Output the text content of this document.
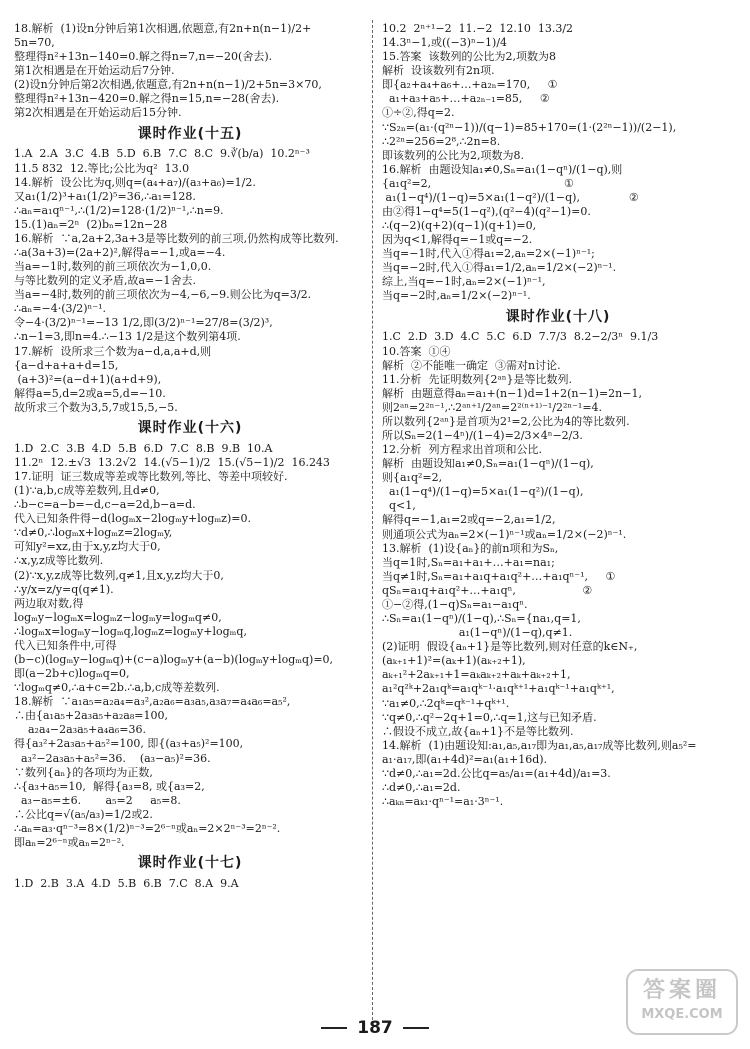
18.解析  (1)设n分钟后第1次相遇,依题意,有2n+n(n−1)/2+
5n=70,
整理得n²+13n−140=0.解之得n=7,n=−20(舍去).
第1次相遇是在开始运动后7分钟.
(2)设n分钟后第2次相遇,依题意,有2n+n(n−1)/2+5n=3×70,
整理得n²+13n−420=0.解之得n=15,n=−28(舍去).
第2次相遇是在开始运动后15分钟.
课时作业(十五)
1.A  2.A  3.C  4.B  5.D  6.B  7.C  8.C  9.∛(b/a)  10.2ⁿ⁻³
11.5 832  12.等比;公比为q²  13.0
14.解析  设公比为q,则q=(a₄+a₇)/(a₃+a₆)=1/2.
又a₁(1/2)³+a₁(1/2)⁵=36,∴a₁=128.
∴aₙ=a₁qⁿ⁻¹,∴(1/2)=128·(1/2)ⁿ⁻¹,∴n=9.
15.(1)aₙ=2ⁿ  (2)bₙ=12n−28
16.解析  ∵a,2a+2,3a+3是等比数列的前三项,仍然构成等比数列.
∴a(3a+3)=(2a+2)²,解得a=−1,或a=−4.
当a=−1时,数列的前三项依次为−1,0,0.
与等比数列的定义矛盾,故a=−1舍去.
当a=−4时,数列的前三项依次为−4,−6,−9.则公比为q=3/2.
∴aₙ=−4·(3/2)ⁿ⁻¹.
令−4·(3/2)ⁿ⁻¹=−13 1/2,即(3/2)ⁿ⁻¹=27/8=(3/2)³,
∴n−1=3,即n=4.∴−13 1/2是这个数列第4项.
17.解析  设所求三个数为a−d,a,a+d,则
{a−d+a+a+d=15,
(a+3)²=(a−d+1)(a+d+9),
解得a=5,d=2或a=5,d=−10.
故所求三个数为3,5,7或15,5,−5.
课时作业(十六)
1.D  2.C  3.B  4.D  5.B  6.D  7.C  8.B  9.B  10.A
11.2ⁿ  12.±√3  13.2√2  14.(√5−1)/2  15.(√5−1)/2  16.243
17.证明  证三数成等差或等比数列,等比、等差中项较好.
(1)∵a,b,c成等差数列,且d≠0,
∴b−c=a−b=−d,c−a=2d,b−a=d.
代入已知条件得−d(logₘx−2logₘy+logₘz)=0.
∵d≠0,∴logₘx+logₘz=2logₘy,
可知y²=xz,由于x,y,z均大于0,
∴x,y,z成等比数列.
(2)∵x,y,z成等比数列,q≠1,且x,y,z均大于0,
∴y/x=z/y=q(q≠1).
两边取对数,得
logₘy−logₘx=logₘz−logₘy=logₘq≠0,
∴logₘx=logₘy−logₘq,logₘz=logₘy+logₘq,
代入已知条件中,可得
(b−c)(logₘy−logₘq)+(c−a)logₘy+(a−b)(logₘy+logₘq)=0,
即(a−2b+c)logₘq=0,
∵logₘq≠0,∴a+c=2b.∴a,b,c成等差数列.
18.解析  ∵a₁a₅=a₂a₄=a₃²,a₂a₆=a₃a₅,a₃a₇=a₄a₆=a₅²,
∴由{a₁a₅+2a₃a₅+a₂a₈=100,
a₂a₄−2a₃a₅+a₄a₆=36.
得{a₃²+2a₃a₅+a₅²=100, 即{(a₃+a₅)²=100,
a₃²−2a₃a₅+a₅²=36.    (a₃−a₅)²=36.
∵数列{aₙ}的各项均为正数,
∴{a₃+a₅=10,  解得{a₃=8, 或{a₃=2,
a₃−a₅=±6.       a₅=2     a₅=8.
∴公比q=√(a₅/a₃)=1/2或2.
∴aₙ=a₃·qⁿ⁻³=8×(1/2)ⁿ⁻³=2⁶⁻ⁿ或aₙ=2×2ⁿ⁻³=2ⁿ⁻².
即aₙ=2⁶⁻ⁿ或aₙ=2ⁿ⁻².
课时作业(十七)
1.D  2.B  3.A  4.D  5.B  6.B  7.C  8.A  9.A
10.2  2ⁿ⁺¹−2  11.−2  12.10  13.3/2
14.3ⁿ−1,或((−3)ⁿ−1)/4
15.答案  该数列的公比为2,项数为8
解析  设该数列有2n项.
即{a₂+a₄+a₆+…+a₂ₙ=170,     ①
a₁+a₃+a₅+…+a₂ₙ₋₁=85,     ②
①÷②,得q=2.
∵S₂ₙ=(a₁·(q²ⁿ−1))/(q−1)=85+170=(1·(2²ⁿ−1))/(2−1),
∴2²ⁿ=256=2⁸,∴2n=8.
即该数列的公比为2,项数为8.
16.解析  由题设知a₁≠0,Sₙ=a₁(1−qⁿ)/(1−q),则
{a₁q²=2,                                      ①
a₁(1−q⁴)/(1−q)=5×a₁(1−q²)/(1−q),              ②
由②得1−q⁴=5(1−q²),(q²−4)(q²−1)=0.
∴(q−2)(q+2)(q−1)(q+1)=0,
因为q<1,解得q=−1或q=−2.
当q=−1时,代入①得a₁=2,aₙ=2×(−1)ⁿ⁻¹;
当q=−2时,代入①得a₁=1/2,aₙ=1/2×(−2)ⁿ⁻¹.
综上,当q=−1时,aₙ=2×(−1)ⁿ⁻¹,
当q=−2时,aₙ=1/2×(−2)ⁿ⁻¹.
课时作业(十八)
1.C  2.D  3.D  4.C  5.C  6.D  7.7/3  8.2−2/3ⁿ  9.1/3
10.答案  ①④
解析  ②不能唯一确定  ③需对n讨论.
11.分析  先证明数列{2ᵃⁿ}是等比数列.
解析  由题意得aₙ=a₁+(n−1)d=1+2(n−1)=2n−1,
则2ᵃⁿ=2²ⁿ⁻¹,∴2ᵃⁿ⁺¹/2ᵃⁿ=2²⁽ⁿ⁺¹⁾⁻¹/2²ⁿ⁻¹=4.
所以数列{2ᵃⁿ}是首项为2¹=2,公比为4的等比数列.
所以Sₙ=2(1−4ⁿ)/(1−4)=2/3×4ⁿ−2/3.
12.分析  列方程求出首项和公比.
解析  由题设知a₁≠0,Sₙ=a₁(1−qⁿ)/(1−q),
则{a₁q²=2,
a₁(1−q⁴)/(1−q)=5×a₁(1−q²)/(1−q),
q<1,
解得q=−1,a₁=2或q=−2,a₁=1/2,
则通项公式为aₙ=2×(−1)ⁿ⁻¹或aₙ=1/2×(−2)ⁿ⁻¹.
13.解析  (1)设{aₙ}的前n项和为Sₙ,
当q=1时,Sₙ=a₁+a₁+…+a₁=na₁;
当q≠1时,Sₙ=a₁+a₁q+a₁q²+…+a₁qⁿ⁻¹,     ①
qSₙ=a₁q+a₁q²+…+a₁qⁿ,                   ②
①−②得,(1−q)Sₙ=a₁−a₁qⁿ.
∴Sₙ=a₁(1−qⁿ)/(1−q),∴Sₙ={na₁,q=1,
a₁(1−qⁿ)/(1−q),q≠1.
(2)证明  假设{aₙ+1}是等比数列,则对任意的k∈N₊,
(aₖ₊₁+1)²=(aₖ+1)(aₖ₊₂+1),
aₖ₊₁²+2aₖ₊₁+1=aₖaₖ₊₂+aₖ+aₖ₊₂+1,
a₁²q²ᵏ+2a₁qᵏ=a₁qᵏ⁻¹·a₁qᵏ⁺¹+a₁qᵏ⁻¹+a₁qᵏ⁺¹,
∵a₁≠0,∴2qᵏ=qᵏ⁻¹+qᵏ⁺¹.
∵q≠0,∴q²−2q+1=0,∴q=1,这与已知矛盾.
∴假设不成立,故{aₙ+1}不是等比数列.
14.解析  (1)由题设知:a₁,a₅,a₁₇即为a₁,a₅,a₁₇成等比数列,则a₅²=
a₁·a₁₇,即(a₁+4d)²=a₁(a₁+16d).
∵d≠0,∴a₁=2d.公比q=a₅/a₁=(a₁+4d)/a₁=3.
∴d≠0,∴a₁=2d.
∴aₖₙ=aₖ₁·qⁿ⁻¹=a₁·3ⁿ⁻¹.
187
答案圈
MXQE.COM
